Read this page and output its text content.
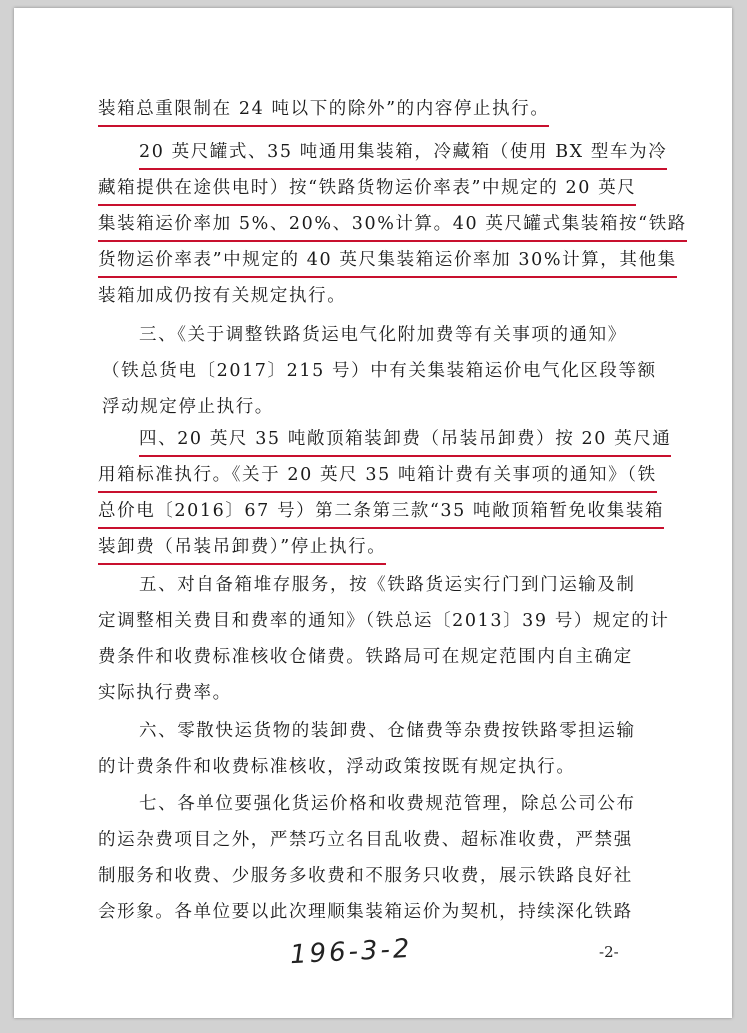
装箱总重限制在 24 吨以下的除外”的内容停止执行。
20 英尺罐式、35 吨通用集装箱，冷藏箱（使用 BX 型车为冷
藏箱提供在途供电时）按“铁路货物运价率表”中规定的 20 英尺
集装箱运价率加 5%、20%、30%计算。40 英尺罐式集装箱按“铁路
货物运价率表”中规定的 40 英尺集装箱运价率加 30%计算，其他集
装箱加成仍按有关规定执行。
三、《关于调整铁路货运电气化附加费等有关事项的通知》
（铁总货电〔2017〕215 号）中有关集装箱运价电气化区段等额
浮动规定停止执行。
四、20 英尺 35 吨敞顶箱装卸费（吊装吊卸费）按 20 英尺通
用箱标准执行。《关于 20 英尺 35 吨箱计费有关事项的通知》（铁
总价电〔2016〕67 号）第二条第三款“35 吨敞顶箱暂免收集装箱
装卸费（吊装吊卸费）”停止执行。
五、对自备箱堆存服务，按《铁路货运实行门到门运输及制
定调整相关费目和费率的通知》（铁总运〔2013〕39 号）规定的计
费条件和收费标准核收仓储费。铁路局可在规定范围内自主确定
实际执行费率。
六、零散快运货物的装卸费、仓储费等杂费按铁路零担运输
的计费条件和收费标准核收，浮动政策按既有规定执行。
七、各单位要强化货运价格和收费规范管理，除总公司公布
的运杂费项目之外，严禁巧立名目乱收费、超标准收费，严禁强
制服务和收费、少服务多收费和不服务只收费，展示铁路良好社
会形象。各单位要以此次理顺集装箱运价为契机，持续深化铁路
196-3-2	-2-
